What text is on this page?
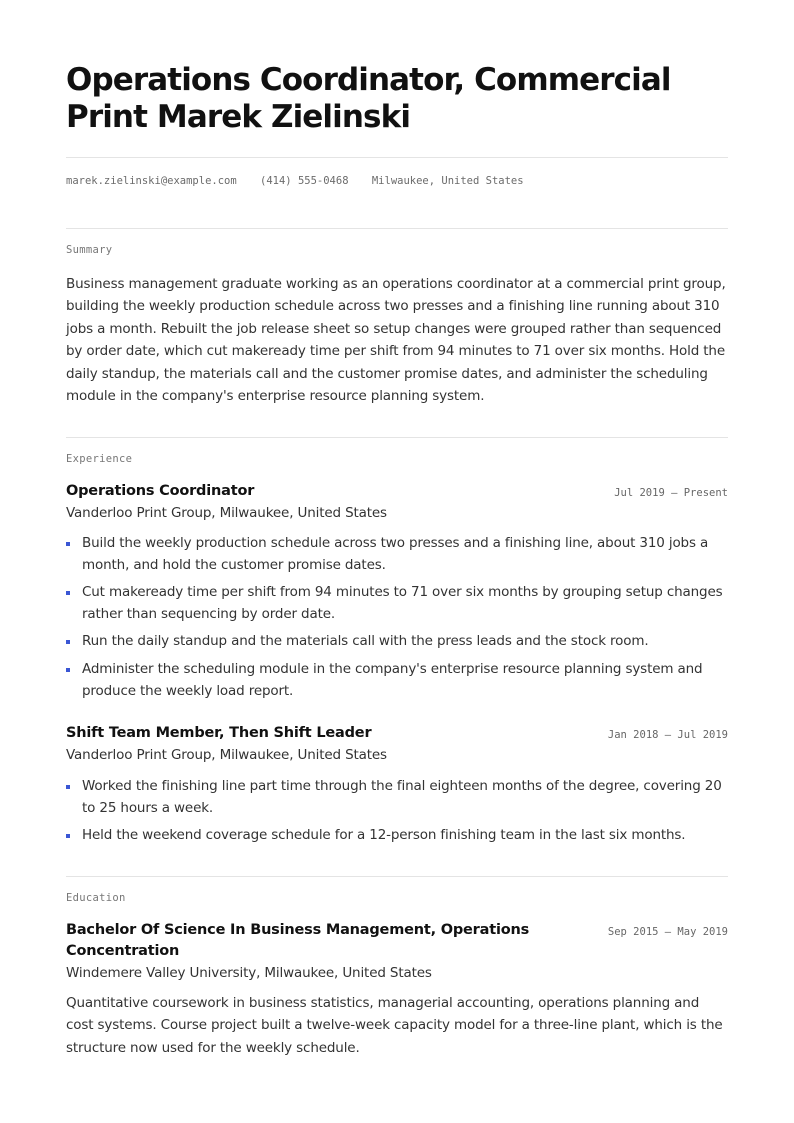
Operations Coordinator, Commercial Print Marek Zielinski
marek.zielinski@example.com (414) 555-0468 Milwaukee, United States
Summary

Business management graduate working as an operations coordinator at a commercial print group, building the weekly production schedule across two presses and a finishing line running about 310 jobs a month. Rebuilt the job release sheet so setup changes were grouped rather than sequenced by order date, which cut makeready time per shift from 94 minutes to 71 over six months. Hold the daily standup, the materials call and the customer promise dates, and administer the scheduling module in the company's enterprise resource planning system.

Experience
Operations Coordinator	Jul 2019 — Present
Vanderloo Print Group, Milwaukee, United States
Build the weekly production schedule across two presses and a finishing line, about 310 jobs a month, and hold the customer promise dates.
Cut makeready time per shift from 94 minutes to 71 over six months by grouping setup changes rather than sequencing by order date.
Run the daily standup and the materials call with the press leads and the stock room.
Administer the scheduling module in the company's enterprise resource planning system and produce the weekly load report.
Shift Team Member, Then Shift Leader	Jan 2018 — Jul 2019
Vanderloo Print Group, Milwaukee, United States
Worked the finishing line part time through the final eighteen months of the degree, covering 20 to 25 hours a week.
Held the weekend coverage schedule for a 12-person finishing team in the last six months.
Education
Bachelor Of Science In Business Management, Operations Concentration
Sep 2015 — May 2019
Windemere Valley University, Milwaukee, United States

Quantitative coursework in business statistics, managerial accounting, operations planning and cost systems. Course project built a twelve-week capacity model for a three-line plant, which is the structure now used for the weekly schedule.
